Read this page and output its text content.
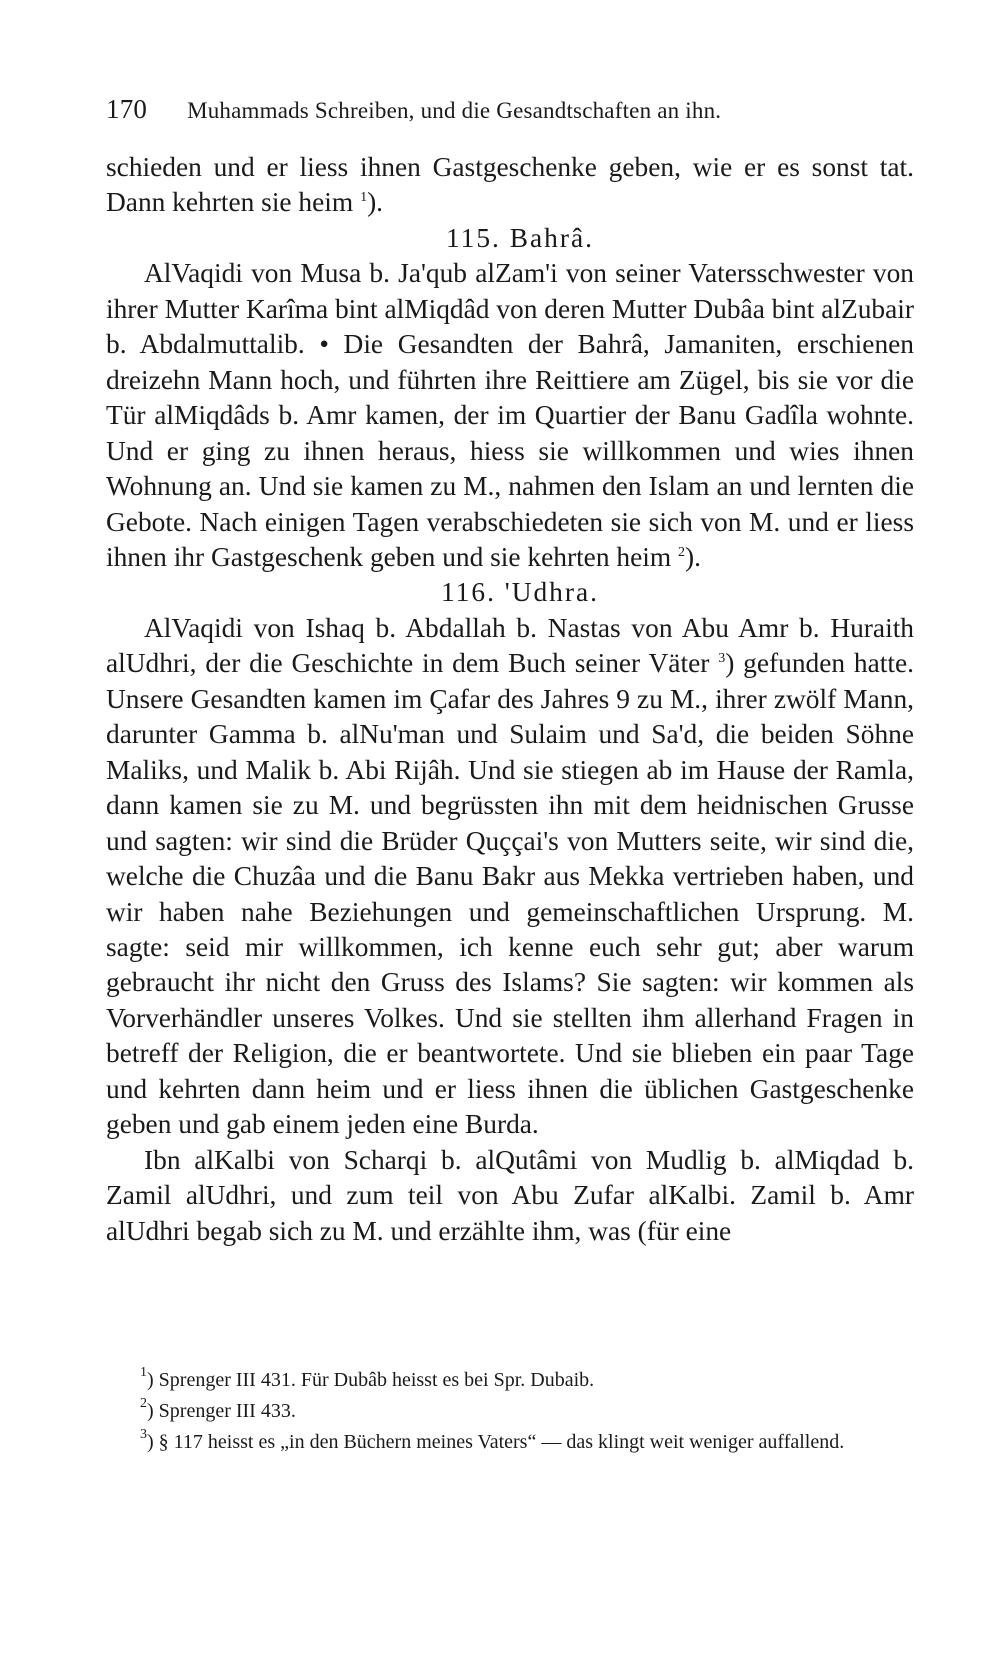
170 Muhammads Schreiben, und die Gesandtschaften an ihn.

schieden und er liess ihnen Gastgeschenke geben, wie er es sonst tat. Dann kehrten sie heim $^1$).

115. Bahrâ.

AlVaqidi von Musa b. Ja'qub alZam'i von seiner Vatersschwester von ihrer Mutter Karîma bint alMiqdâd von deren Mutter Dubâa bint alZubair b. Abdalmuttalib. • Die Gesandten der Bahrâ, Jamaniten, erschienen dreizehn Mann hoch, und führten ihre Reittiere am Zügel, bis sie vor die Tür alMiqdâds b. Amr kamen, der im Quartier der Banu Gadîla wohnte. Und er ging zu ihnen heraus, hiess sie willkommen und wies ihnen Wohnung an. Und sie kamen zu M., nahmen den Islam an und lernten die Gebote. Nach einigen Tagen verabschiedeten sie sich von M. und er liess ihnen ihr Gastgeschenk geben und sie kehrten heim $^2$).

116. 'Udhra.

AlVaqidi von Ishaq b. Abdallah b. Nastas von Abu Amr b. Huraith alUdhri, der die Geschichte in dem Buch seiner Väter $^3$) gefunden hatte. Unsere Gesandten kamen im Çafar des Jahres 9 zu M., ihrer zwölf Mann, darunter Gamma b. alNu'man und Sulaim und Sa'd, die beiden Söhne Maliks, und Malik b. Abi Rijâh. Und sie stiegen ab im Hause der Ramla, dann kamen sie zu M. und begrüssten ihn mit dem heidnischen Grusse und sagten: wir sind die Brüder Quççai's von Mutters seite, wir sind die, welche die Chuzâa und die Banu Bakr aus Mekka vertrieben haben, und wir haben nahe Beziehungen und gemeinschaftlichen Ursprung. M. sagte: seid mir willkommen, ich kenne euch sehr gut; aber warum gebraucht ihr nicht den Gruss des Islams? Sie sagten: wir kommen als Vorverhändler unseres Volkes. Und sie stellten ihm allerhand Fragen in betreff der Religion, die er beantwortete. Und sie blieben ein paar Tage und kehrten dann heim und er liess ihnen die üblichen Gastgeschenke geben und gab einem jeden eine Burda.

Ibn alKalbi von Scharqi b. alQutâmi von Mudlig b. alMiqdad b. Zamil alUdhri, und zum teil von Abu Zufar alKalbi. Zamil b. Amr alUdhri begab sich zu M. und erzählte ihm, was (für eine

$^1$) Sprenger III 431. Für Dubâb heisst es bei Spr. Dubaib.

$^2$) Sprenger III 433.

$^3$) § 117 heisst es „in den Büchern meines Vaters“ — das klingt weit weniger auffallend.
